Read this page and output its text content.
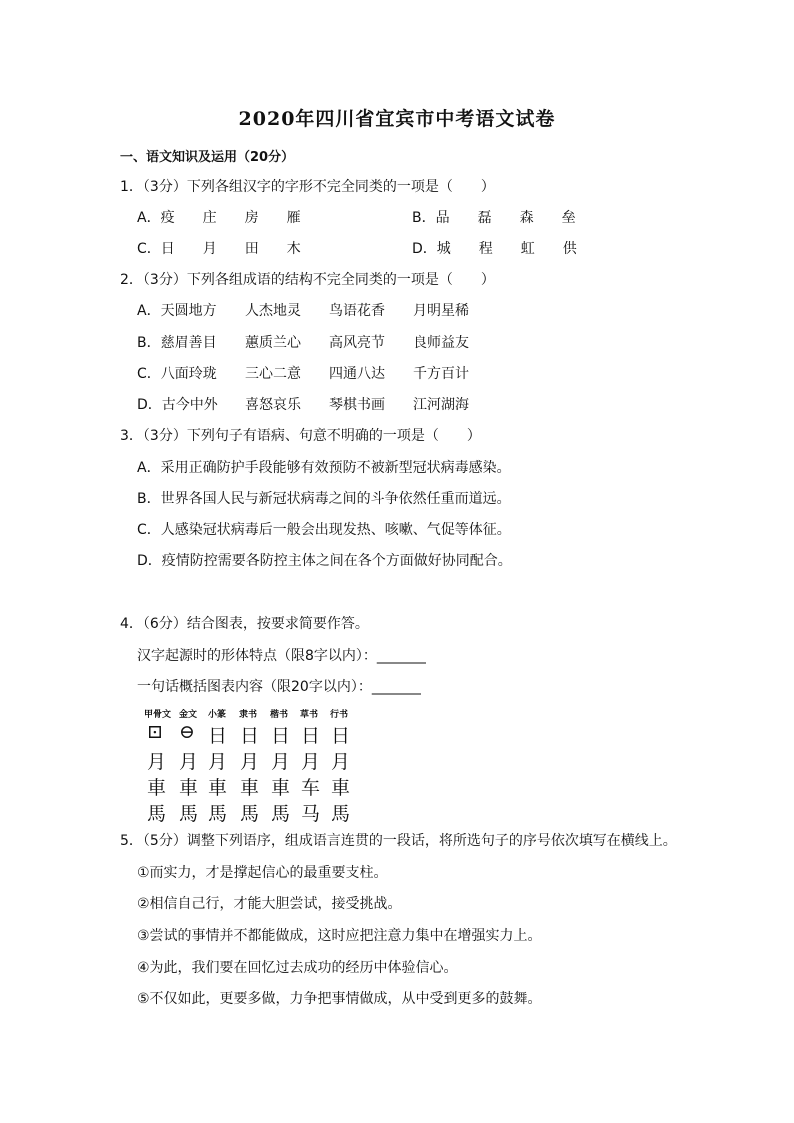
2020年四川省宜宾市中考语文试卷
一、语文知识及运用（20分）
1．（3分）下列各组汉字的字形不完全同类的一项是（　　）
A．疫　　庄　　房　　雁	B．品　　磊　　森　　垒
C．日　　月　　田　　木	D．城　　程　　虹　　供
2．（3分）下列各组成语的结构不完全同类的一项是（　　）
A．天圆地方 人杰地灵 鸟语花香 月明星稀
B．慈眉善目 蕙质兰心 高风亮节 良师益友
C．八面玲珑 三心二意 四通八达 千方百计
D．古今中外 喜怒哀乐 琴棋书画 江河湖海
3．（3分）下列句子有语病、句意不明确的一项是（　　）
A．采用正确防护手段能够有效预防不被新型冠状病毒感染。
B．世界各国人民与新冠状病毒之间的斗争依然任重而道远。
C．人感染冠状病毒后一般会出现发热、咳嗽、气促等体征。
D．疫情防控需要各防控主体之间在各个方面做好协同配合。
4．（6分）结合图表，按要求简要作答。
汉字起源时的形体特点（限8字以内）：_______
一句话概括图表内容（限20字以内）：_______
甲骨文 金文 小篆 隶书 楷书 草书 行书
⊡ ⊖ 日 日 日 日 日
月 月 月 月 月 月 月
車 車 車 車 車 车 車
馬 馬 馬 馬 馬 马 馬
5．（5分）调整下列语序，组成语言连贯的一段话，将所选句子的序号依次填写在横线上。
①而实力，才是撑起信心的最重要支柱。
②相信自己行，才能大胆尝试，接受挑战。
③尝试的事情并不都能做成，这时应把注意力集中在增强实力上。
④为此，我们要在回忆过去成功的经历中体验信心。
⑤不仅如此，更要多做，力争把事情做成，从中受到更多的鼓舞。
